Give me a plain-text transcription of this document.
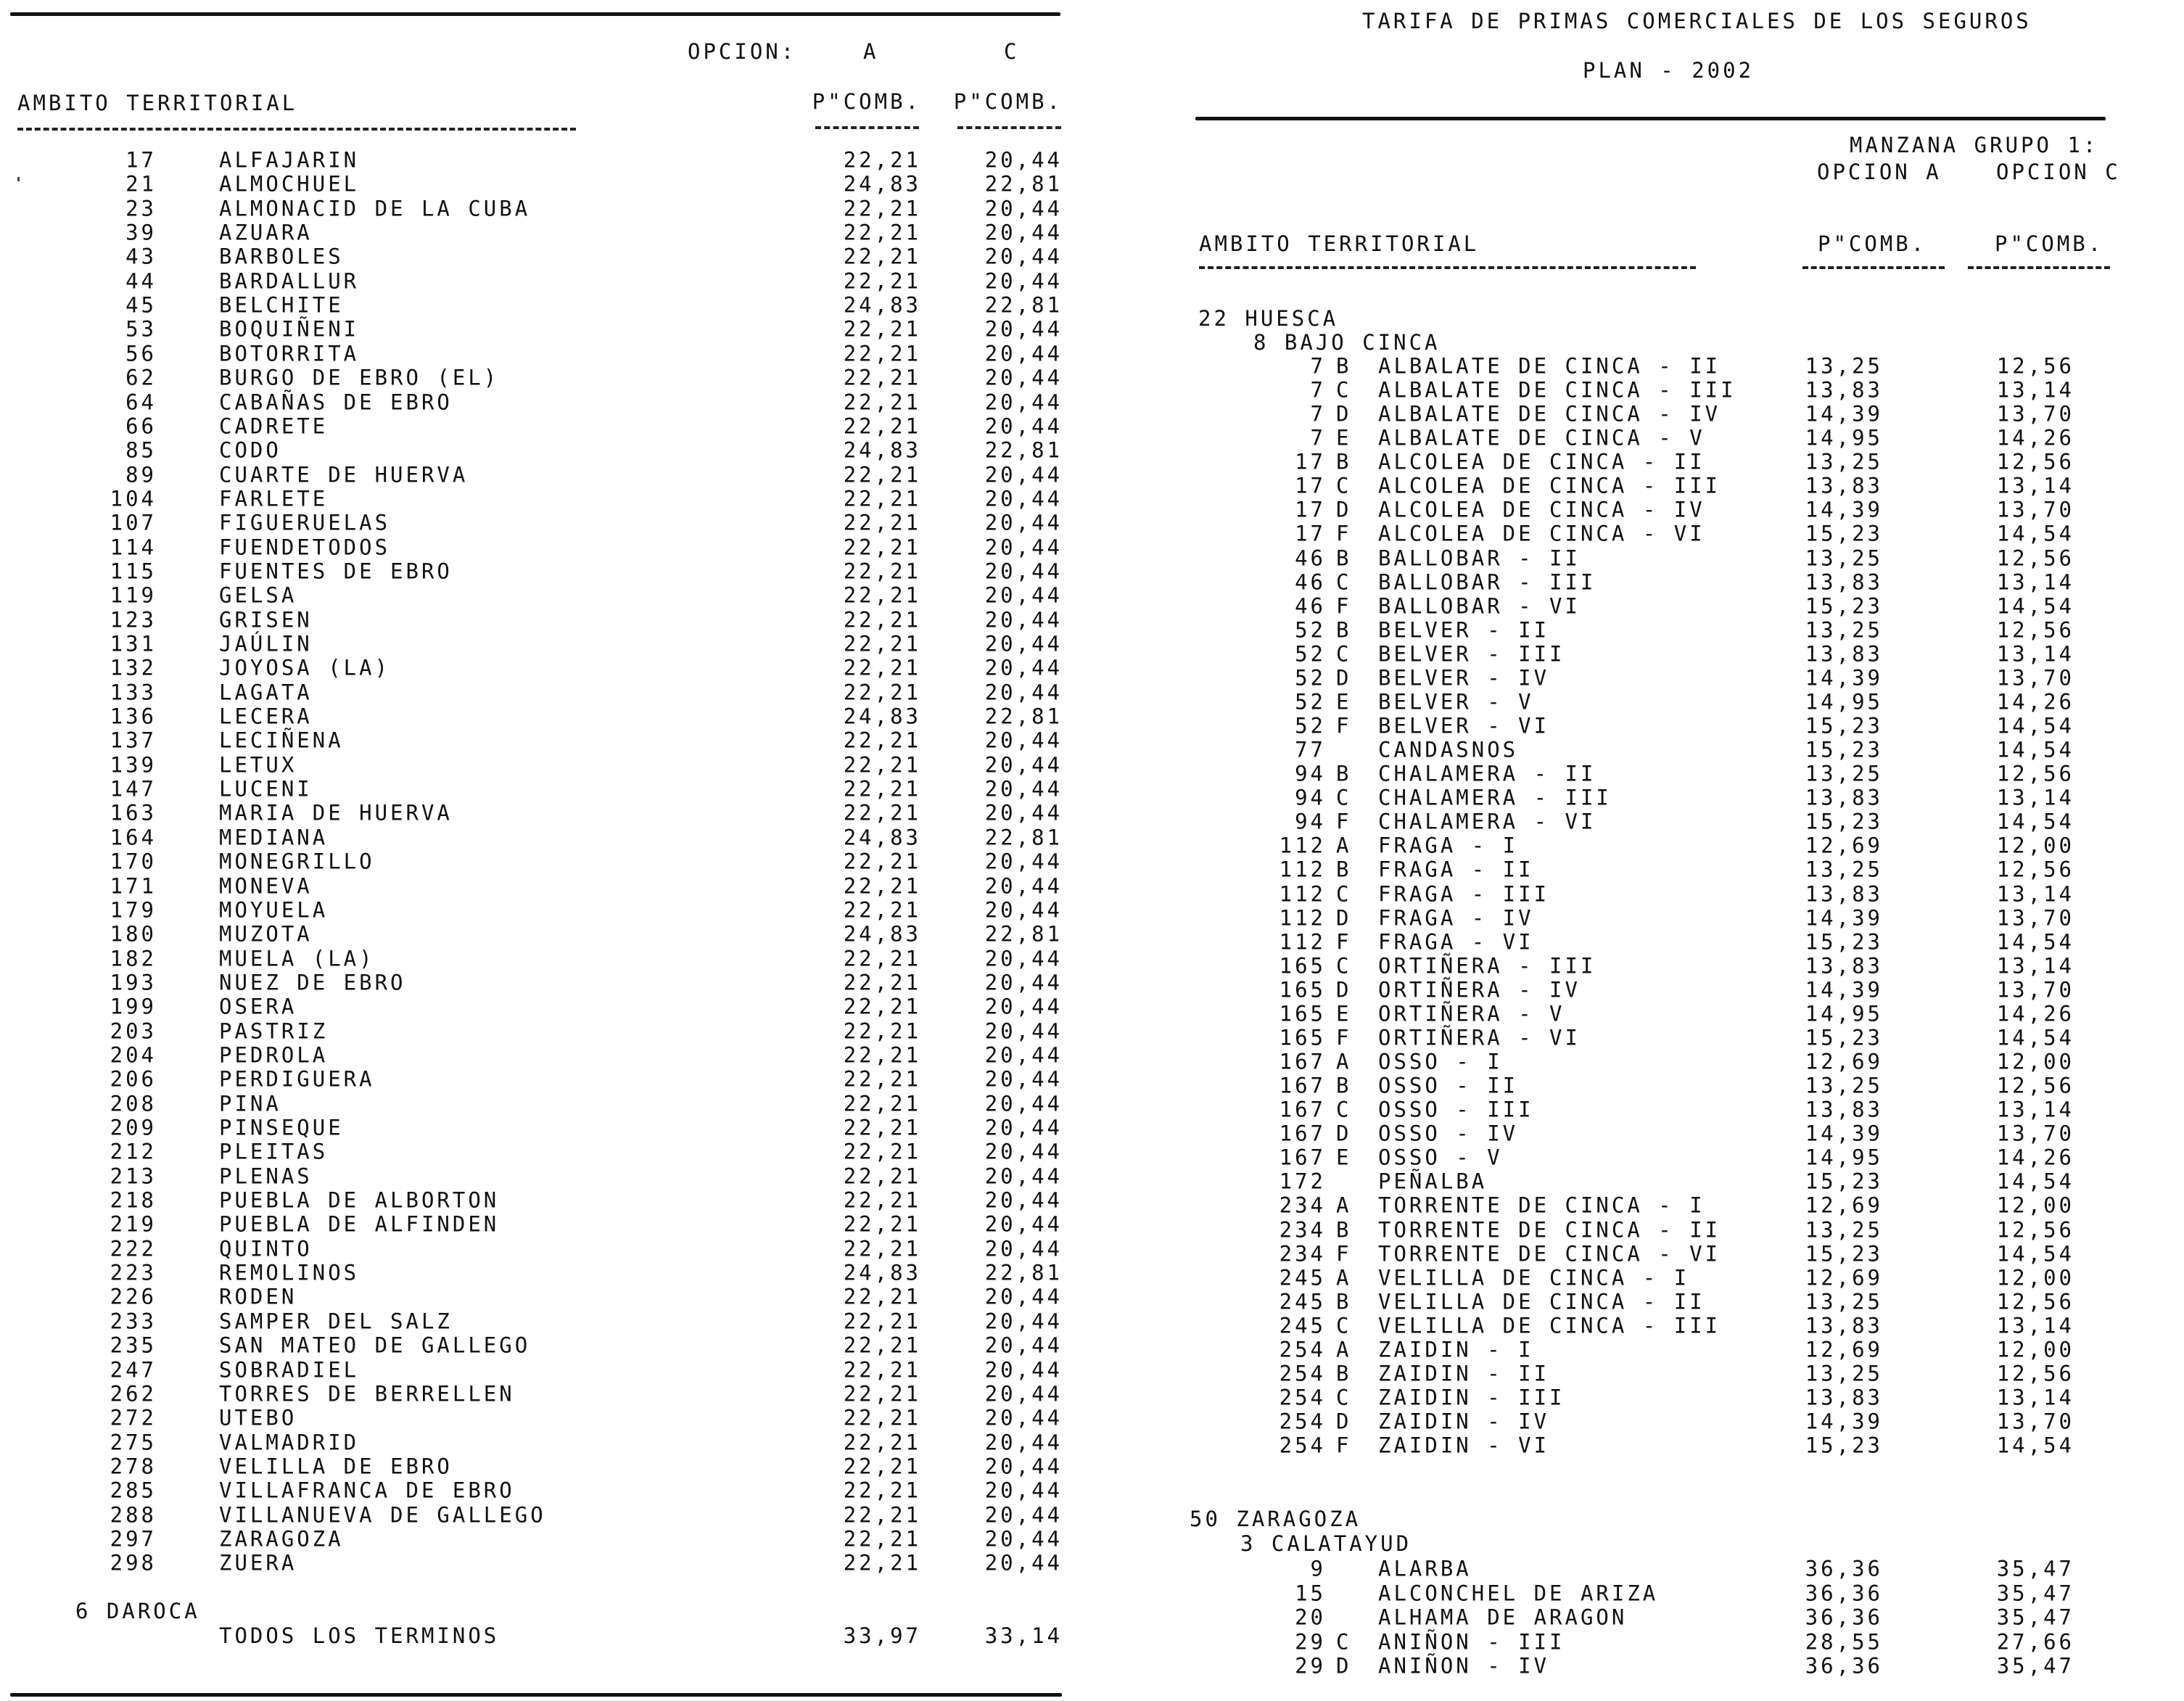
OPCION:	A	C
AMBITO TERRITORIAL	P"COMB.	P"COMB.
17	ALFAJARIN	22,21	20,44
21	ALMOCHUEL	24,83	22,81
23	ALMONACID DE LA CUBA	22,21	20,44
39	AZUARA	22,21	20,44
43	BARBOLES	22,21	20,44
44	BARDALLUR	22,21	20,44
45	BELCHITE	24,83	22,81
53	BOQUIÑENI	22,21	20,44
56	BOTORRITA	22,21	20,44
62	BURGO DE EBRO (EL)	22,21	20,44
64	CABAÑAS DE EBRO	22,21	20,44
66	CADRETE	22,21	20,44
85	CODO	24,83	22,81
89	CUARTE DE HUERVA	22,21	20,44
104	FARLETE	22,21	20,44
107	FIGUERUELAS	22,21	20,44
114	FUENDETODOS	22,21	20,44
115	FUENTES DE EBRO	22,21	20,44
119	GELSA	22,21	20,44
123	GRISEN	22,21	20,44
131	JAÚLIN	22,21	20,44
132	JOYOSA (LA)	22,21	20,44
133	LAGATA	22,21	20,44
136	LECERA	24,83	22,81
137	LECIÑENA	22,21	20,44
139	LETUX	22,21	20,44
147	LUCENI	22,21	20,44
163	MARIA DE HUERVA	22,21	20,44
164	MEDIANA	24,83	22,81
170	MONEGRILLO	22,21	20,44
171	MONEVA	22,21	20,44
179	MOYUELA	22,21	20,44
180	MUZOTA	24,83	22,81
182	MUELA (LA)	22,21	20,44
193	NUEZ DE EBRO	22,21	20,44
199	OSERA	22,21	20,44
203	PASTRIZ	22,21	20,44
204	PEDROLA	22,21	20,44
206	PERDIGUERA	22,21	20,44
208	PINA	22,21	20,44
209	PINSEQUE	22,21	20,44
212	PLEITAS	22,21	20,44
213	PLENAS	22,21	20,44
218	PUEBLA DE ALBORTON	22,21	20,44
219	PUEBLA DE ALFINDEN	22,21	20,44
222	QUINTO	22,21	20,44
223	REMOLINOS	24,83	22,81
226	RODEN	22,21	20,44
233	SAMPER DEL SALZ	22,21	20,44
235	SAN MATEO DE GALLEGO	22,21	20,44
247	SOBRADIEL	22,21	20,44
262	TORRES DE BERRELLEN	22,21	20,44
272	UTEBO	22,21	20,44
275	VALMADRID	22,21	20,44
278	VELILLA DE EBRO	22,21	20,44
285	VILLAFRANCA DE EBRO	22,21	20,44
288	VILLANUEVA DE GALLEGO	22,21	20,44
297	ZARAGOZA	22,21	20,44
298	ZUERA	22,21	20,44
6 DAROCA
TODOS LOS TERMINOS	33,97	33,14
TARIFA DE PRIMAS COMERCIALES DE LOS SEGUROS
PLAN - 2002
MANZANA GRUPO 1:
OPCION A	OPCION C
AMBITO TERRITORIAL	P"COMB.	P"COMB.
22 HUESCA
8 BAJO CINCA
7 B ALBALATE DE CINCA - II	13,25	12,56
7 C ALBALATE DE CINCA - III	13,83	13,14
7 D ALBALATE DE CINCA - IV	14,39	13,70
7 E ALBALATE DE CINCA - V	14,95	14,26
17 B ALCOLEA DE CINCA - II	13,25	12,56
17 C ALCOLEA DE CINCA - III	13,83	13,14
17 D ALCOLEA DE CINCA - IV	14,39	13,70
17 F ALCOLEA DE CINCA - VI	15,23	14,54
46 B BALLOBAR - II	13,25	12,56
46 C BALLOBAR - III	13,83	13,14
46 F BALLOBAR - VI	15,23	14,54
52 B BELVER - II	13,25	12,56
52 C BELVER - III	13,83	13,14
52 D BELVER - IV	14,39	13,70
52 E BELVER - V	14,95	14,26
52 F BELVER - VI	15,23	14,54
77 CANDASNOS	15,23	14,54
94 B CHALAMERA - II	13,25	12,56
94 C CHALAMERA - III	13,83	13,14
94 F CHALAMERA - VI	15,23	14,54
112 A FRAGA - I	12,69	12,00
112 B FRAGA - II	13,25	12,56
112 C FRAGA - III	13,83	13,14
112 D FRAGA - IV	14,39	13,70
112 F FRAGA - VI	15,23	14,54
165 C ORTIÑERA - III	13,83	13,14
165 D ORTIÑERA - IV	14,39	13,70
165 E ORTIÑERA - V	14,95	14,26
165 F ORTIÑERA - VI	15,23	14,54
167 A OSSO - I	12,69	12,00
167 B OSSO - II	13,25	12,56
167 C OSSO - III	13,83	13,14
167 D OSSO - IV	14,39	13,70
167 E OSSO - V	14,95	14,26
172 PEÑALBA	15,23	14,54
234 A TORRENTE DE CINCA - I	12,69	12,00
234 B TORRENTE DE CINCA - II	13,25	12,56
234 F TORRENTE DE CINCA - VI	15,23	14,54
245 A VELILLA DE CINCA - I	12,69	12,00
245 B VELILLA DE CINCA - II	13,25	12,56
245 C VELILLA DE CINCA - III	13,83	13,14
254 A ZAIDIN - I	12,69	12,00
254 B ZAIDIN - II	13,25	12,56
254 C ZAIDIN - III	13,83	13,14
254 D ZAIDIN - IV	14,39	13,70
254 F ZAIDIN - VI	15,23	14,54
50 ZARAGOZA
3 CALATAYUD
9 ALARBA	36,36	35,47
15 ALCONCHEL DE ARIZA	36,36	35,47
20 ALHAMA DE ARAGON	36,36	35,47
29 C ANIÑON - III	28,55	27,66
29 D ANIÑON - IV	36,36	35,47
